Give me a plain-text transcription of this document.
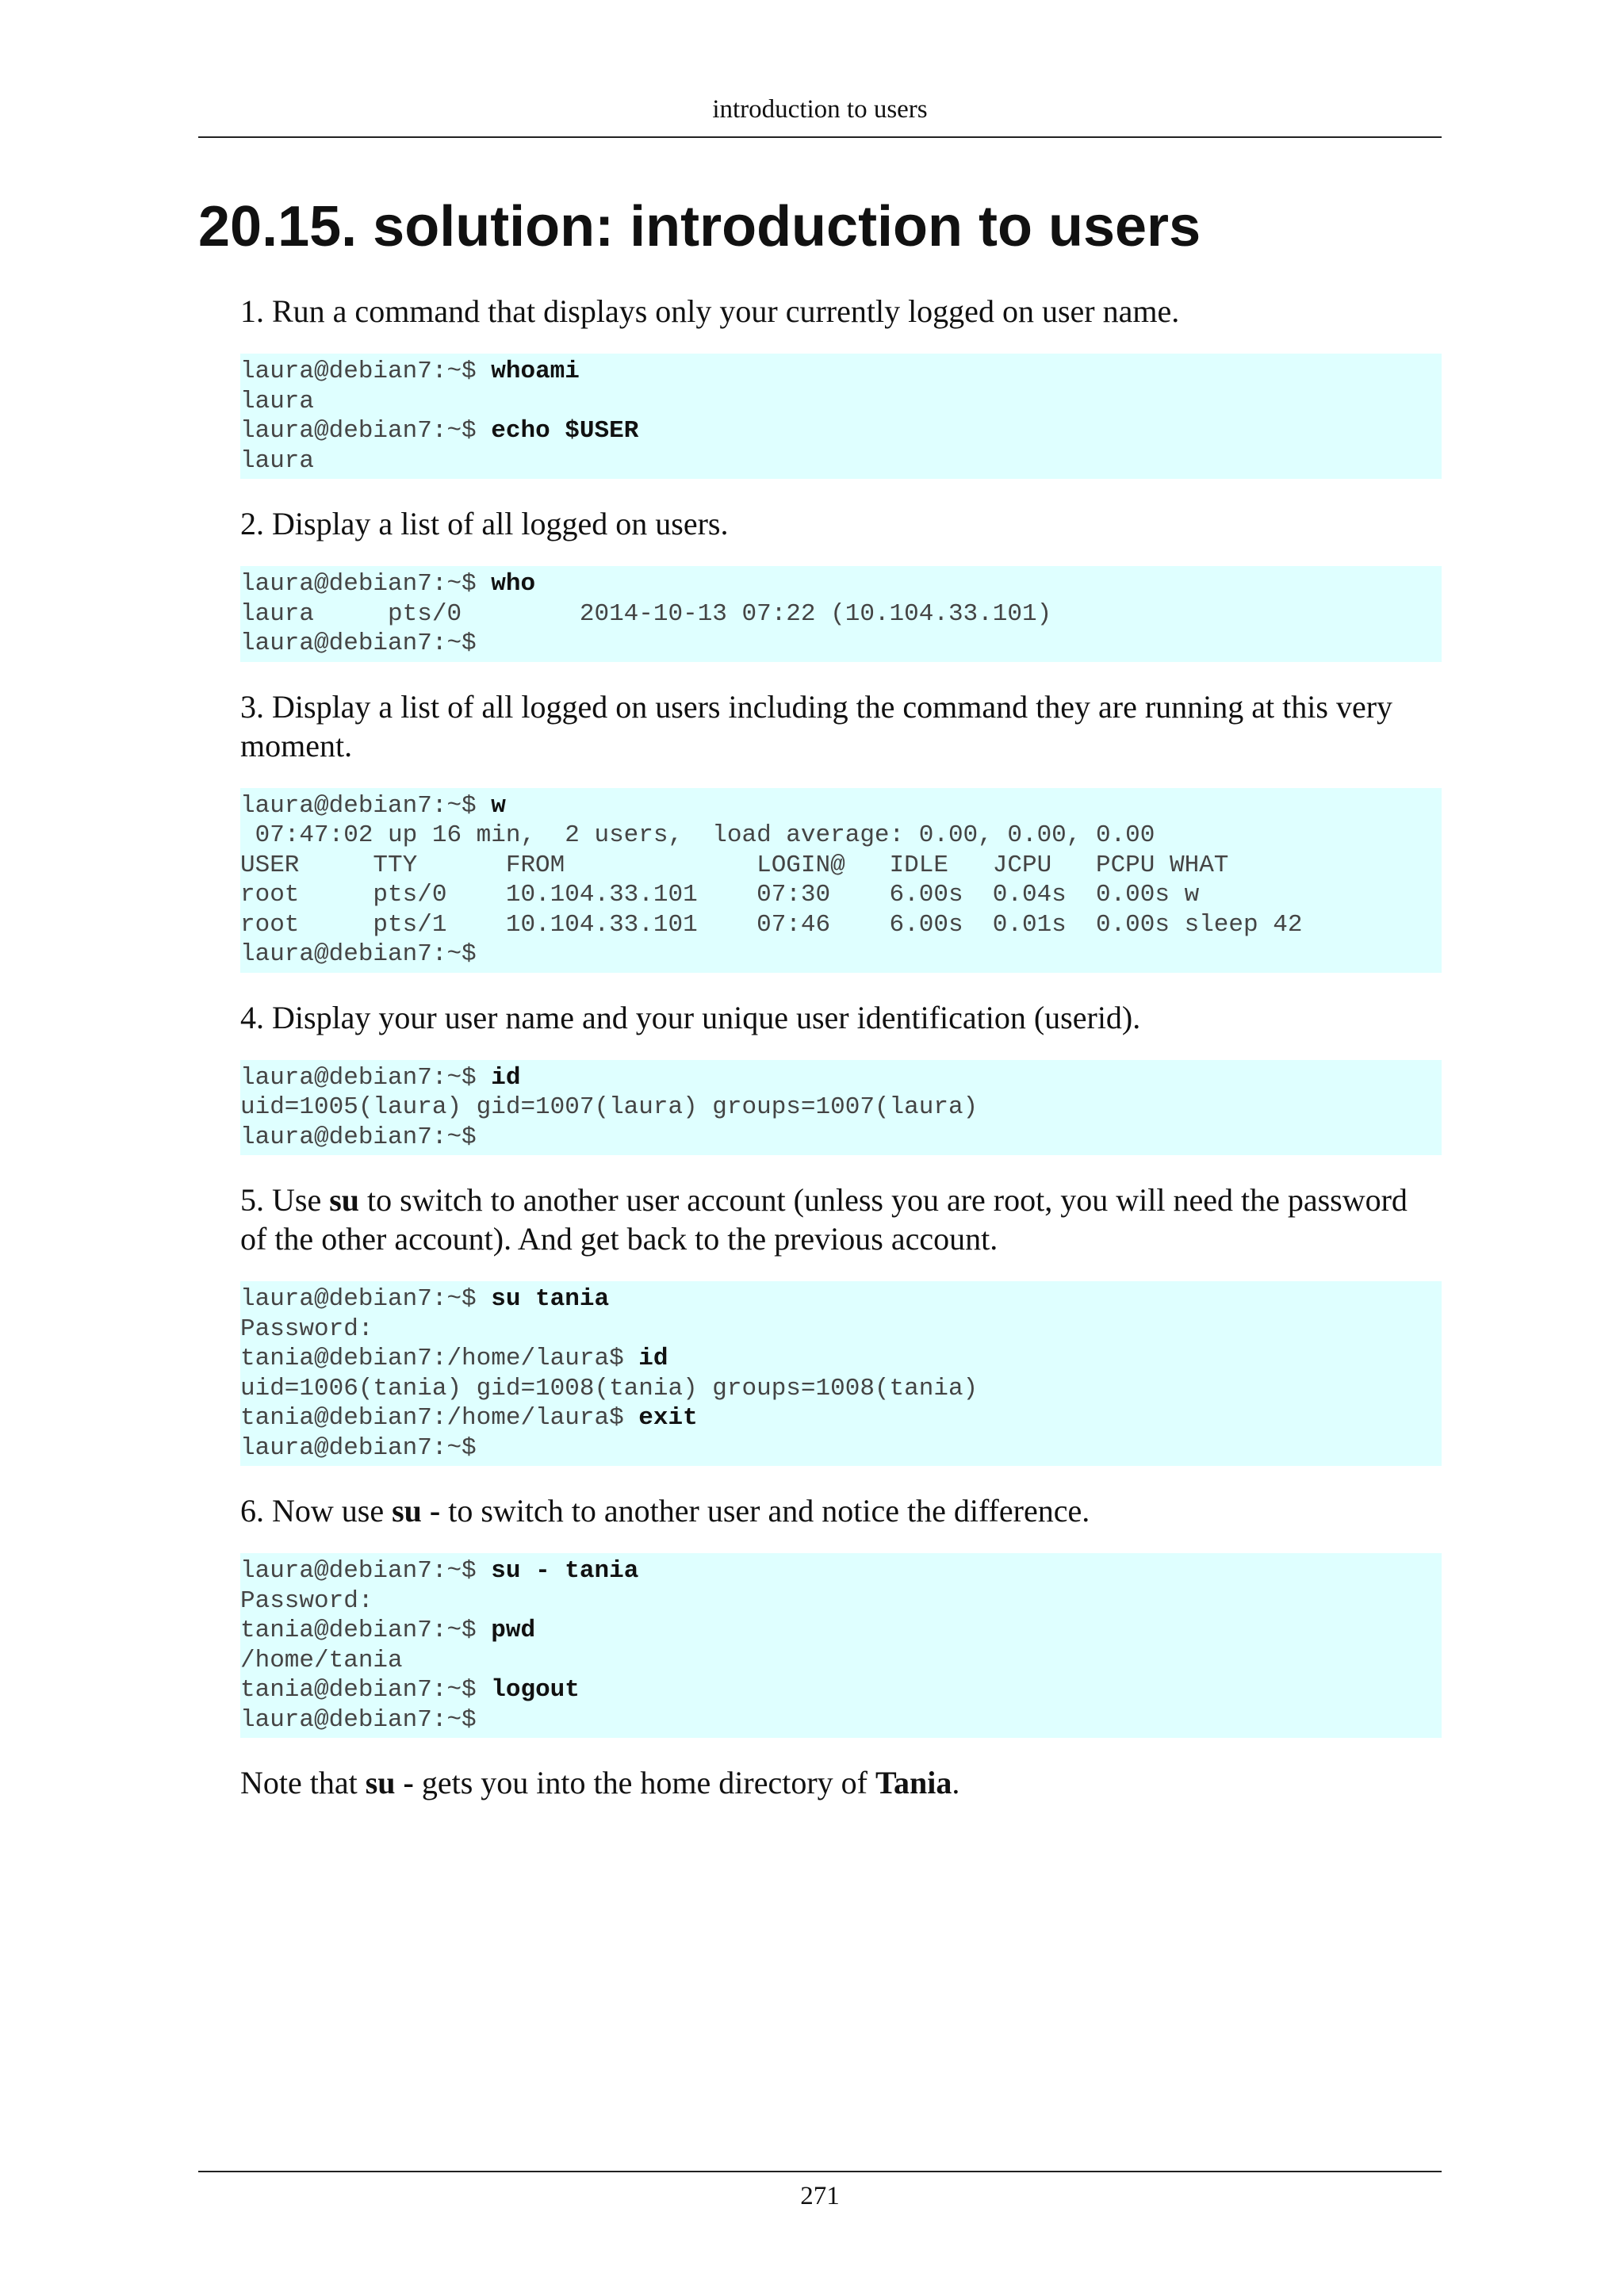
introduction to users
20.15. solution: introduction to users

1. Run a command that displays only your currently logged on user name.

laura@debian7:~$ whoami
laura
laura@debian7:~$ echo $USER
laura

2. Display a list of all logged on users.

laura@debian7:~$ who
laura     pts/0        2014-10-13 07:22 (10.104.33.101)
laura@debian7:~$

3. Display a list of all logged on users including the command they are running at this very moment.

laura@debian7:~$ w
07:47:02 up 16 min,  2 users,  load average: 0.00, 0.00, 0.00
USER     TTY      FROM             LOGIN@   IDLE   JCPU   PCPU WHAT
root     pts/0    10.104.33.101    07:30    6.00s  0.04s  0.00s w
root     pts/1    10.104.33.101    07:46    6.00s  0.01s  0.00s sleep 42
laura@debian7:~$

4. Display your user name and your unique user identification (userid).

laura@debian7:~$ id
uid=1005(laura) gid=1007(laura) groups=1007(laura)
laura@debian7:~$

5. Use su to switch to another user account (unless you are root, you will need the password of the other account). And get back to the previous account.

laura@debian7:~$ su tania
Password:
tania@debian7:/home/laura$ id
uid=1006(tania) gid=1008(tania) groups=1008(tania)
tania@debian7:/home/laura$ exit
laura@debian7:~$

6. Now use su - to switch to another user and notice the difference.

laura@debian7:~$ su - tania
Password:
tania@debian7:~$ pwd
/home/tania
tania@debian7:~$ logout
laura@debian7:~$

Note that su - gets you into the home directory of Tania.

271
